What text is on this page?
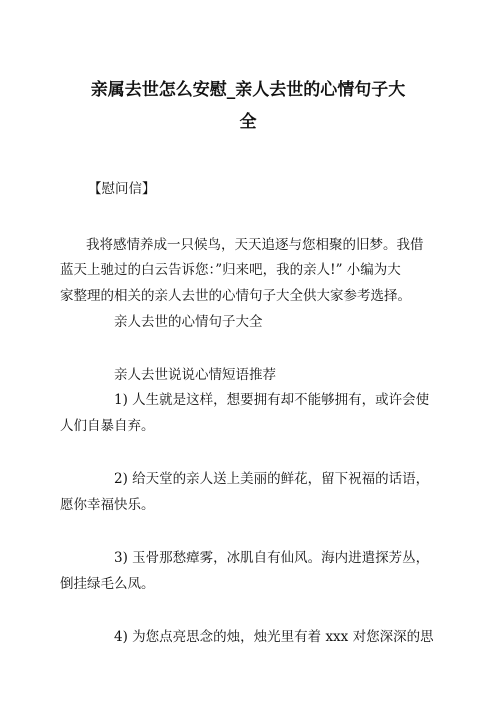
亲属去世怎么安慰_亲人去世的心情句子大
全
【慰问信】
我将感情养成一只候鸟，天天追逐与您相聚的旧梦。我借
蓝天上驰过的白云告诉您：”归来吧，我的亲人!” 小编为大
家整理的相关的亲人去世的心情句子大全供大家参考选择。
亲人去世的心情句子大全
亲人去世说说心情短语推荐
1) 人生就是这样，想要拥有却不能够拥有，或许会使
人们自暴自弃。
2) 给天堂的亲人送上美丽的鲜花，留下祝福的话语，
愿你幸福快乐。
3) 玉骨那愁瘴雾，冰肌自有仙风。海内进遣探芳丛，
倒挂绿毛么凤。
4) 为您点亮思念的烛，烛光里有着 xxx 对您深深的思
